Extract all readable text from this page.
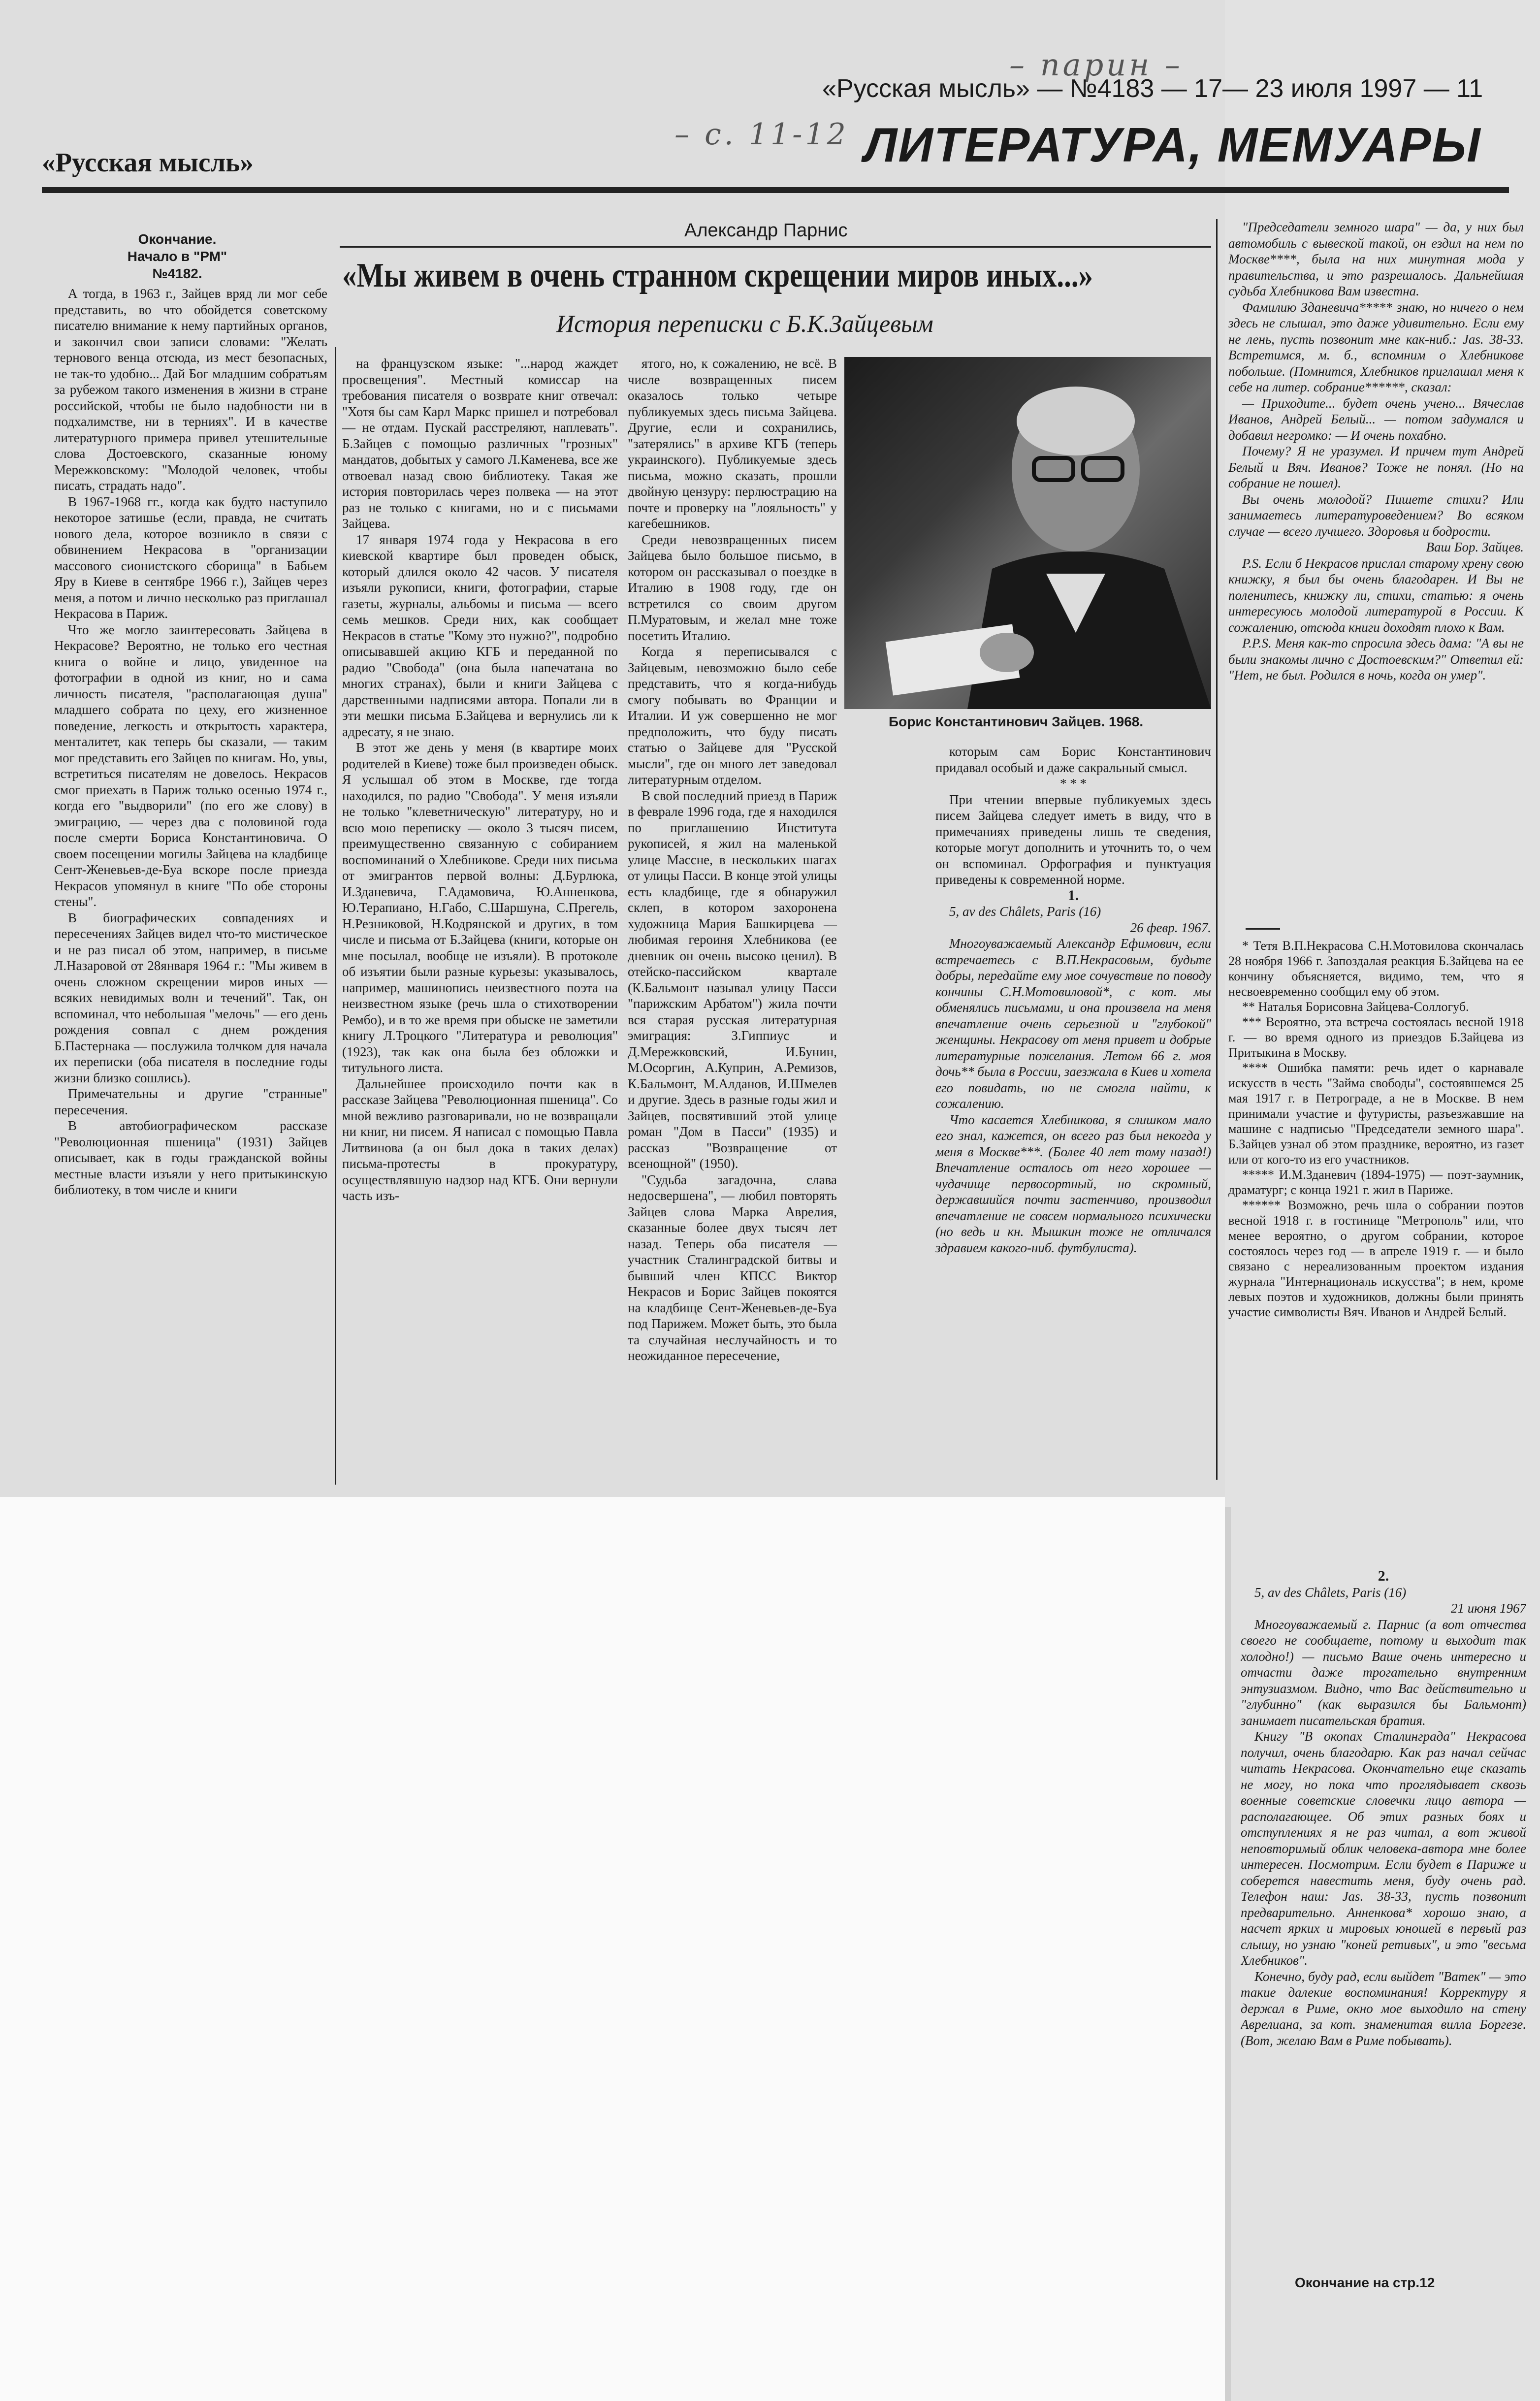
– парин –
– с. 11-12
«Русская мысль» — №4183 — 17— 23 июля 1997 — 11
«Русская мысль»	ЛИТЕРАТУРА, МЕМУАРЫ
Окончание.
Начало в "РМ" №4182.
Александр Парнис
«Мы живем в очень странном скрещении миров иных...»
История переписки с Б.К.Зайцевым
Борис Константинович Зайцев. 1968.

А тогда, в 1963 г., Зайцев вряд ли мог себе представить, во что обойдется советскому писателю внимание к нему партийных органов, и закончил свои записи словами: "Желать тернового венца отсюда, из мест безопасных, не так-то удобно... Дай Бог младшим собратьям за рубежом такого изменения в жизни в стране российской, чтобы не было надобности ни в подхалимстве, ни в терниях". И в качестве литературного примера привел утешительные слова Достоевского, сказанные юному Мережковскому: "Молодой человек, чтобы писать, страдать надо".

В 1967-1968 гг., когда как будто наступило некоторое затишье (если, правда, не считать нового дела, которое возникло в связи с обвинением Некрасова в "организации массового сионистского сборища" в Бабьем Яру в Киеве в сентябре 1966 г.), Зайцев через меня, а потом и лично несколько раз приглашал Некрасова в Париж.

Что же могло заинтересовать Зайцева в Некрасове? Вероятно, не только его честная книга о войне и лицо, увиденное на фотографии в одной из книг, но и сама личность писателя, "располагающая душа" младшего собрата по цеху, его жизненное поведение, легкость и открытость характера, менталитет, как теперь бы сказали, — таким мог представить его Зайцев по книгам. Но, увы, встретиться писателям не довелось. Некрасов смог приехать в Париж только осенью 1974 г., когда его "выдворили" (по его же слову) в эмиграцию, — через два с половиной года после смерти Бориса Константиновича. О своем посещении могилы Зайцева на кладбище Сент-Женевьев-де-Буа вскоре после приезда Некрасов упомянул в книге "По обе стороны стены".

В биографических совпадениях и пересечениях Зайцев видел что-то мистическое и не раз писал об этом, например, в письме Л.Назаровой от 28января 1964 г.: "Мы живем в очень сложном скрещении миров иных — всяких невидимых волн и течений". Так, он вспоминал, что небольшая "мелочь" — его день рождения совпал с днем рождения Б.Пастернака — послужила толчком для начала их переписки (оба писателя в последние годы жизни близко сошлись).

Примечательны и другие "странные" пересечения.

В автобиографическом рассказе "Революционная пшеница" (1931) Зайцев описывает, как в годы гражданской войны местные власти изъяли у него притыкинскую библиотеку, в том числе и книги

на французском языке: "...народ жаждет просвещения". Местный комиссар на требования писателя о возврате книг отвечал: "Хотя бы сам Карл Маркс пришел и потребовал — не отдам. Пускай расстреляют, наплевать". Б.Зайцев с помощью различных "грозных" мандатов, добытых у самого Л.Каменева, все же отвоевал назад свою библиотеку. Такая же история повторилась через полвека — на этот раз не только с книгами, но и с письмами Зайцева.

17 января 1974 года у Некрасова в его киевской квартире был проведен обыск, который длился около 42 часов. У писателя изъяли рукописи, книги, фотографии, старые газеты, журналы, альбомы и письма — всего семь мешков. Среди них, как сообщает Некрасов в статье "Кому это нужно?", подробно описывавшей акцию КГБ и переданной по радио "Свобода" (она была напечатана во многих странах), были и книги Зайцева с дарственными надписями автора. Попали ли в эти мешки письма Б.Зайцева и вернулись ли к адресату, я не знаю.

В этот же день у меня (в квартире моих родителей в Киеве) тоже был произведен обыск. Я услышал об этом в Москве, где тогда находился, по радио "Свобода". У меня изъяли не только "клеветническую" литературу, но и всю мою переписку — около 3 тысяч писем, преимущественно связанную с собиранием воспоминаний о Хлебникове. Среди них письма от эмигрантов первой волны: Д.Бурлюка, И.Зданевича, Г.Адамовича, Ю.Анненкова, Ю.Терапиано, Н.Габо, С.Шаршуна, С.Прегель, Н.Резниковой, Н.Кодрянской и других, в том числе и письма от Б.Зайцева (книги, которые он мне посылал, вообще не изъяли). В протоколе об изъятии были разные курьезы: указывалось, например, машинопись неизвестного поэта на неизвестном языке (речь шла о стихотворении Рембо), и в то же время при обыске не заметили книгу Л.Троцкого "Литература и революция" (1923), так как она была без обложки и титульного листа.

Дальнейшее происходило почти как в рассказе Зайцева "Революционная пшеница". Со мной вежливо разговаривали, но не возвращали ни книг, ни писем. Я написал с помощью Павла Литвинова (а он был дока в таких делах) письма-протесты в прокуратуру, осуществлявшую надзор над КГБ. Они вернули часть изъ-

ятого, но, к сожалению, не всё. В числе возвращенных писем оказалось только четыре публикуемых здесь письма Зайцева. Другие, если и сохранились, "затерялись" в архиве КГБ (теперь украинского). Публикуемые здесь письма, можно сказать, прошли двойную цензуру: перлюстрацию на почте и проверку на "лояльность" у кагебешников.

Среди невозвращенных писем Зайцева было большое письмо, в котором он рассказывал о поездке в Италию в 1908 году, где он встретился со своим другом П.Муратовым, и желал мне тоже посетить Италию.

Когда я переписывался с Зайцевым, невозможно было себе представить, что я когда-нибудь смогу побывать во Франции и Италии. И уж совершенно не мог предположить, что буду писать статью о Зайцеве для "Русской мысли", где он много лет заведовал литературным отделом.

В свой последний приезд в Париж в феврале 1996 года, где я находился по приглашению Института рукописей, я жил на маленькой улице Массне, в нескольких шагах от улицы Пасси. В конце этой улицы есть кладбище, где я обнаружил склеп, в котором захоронена художница Мария Башкирцева — любимая героиня Хлебникова (ее дневник он очень высоко ценил). В отейско-пассийском квартале (К.Бальмонт называл улицу Пасси "парижским Арбатом") жила почти вся старая русская литературная эмиграция: З.Гиппиус и Д.Мережковский, И.Бунин, М.Осоргин, А.Куприн, А.Ремизов, К.Бальмонт, М.Алданов, И.Шмелев и другие. Здесь в разные годы жил и Зайцев, посвятивший этой улице роман "Дом в Пасси" (1935) и рассказ "Возвращение от всенощной" (1950).

"Судьба загадочна, слава недосвершена", — любил повторять Зайцев слова Марка Аврелия, сказанные более двух тысяч лет назад. Теперь оба писателя — участник Сталинградской битвы и бывший член КПСС Виктор Некрасов и Борис Зайцев покоятся на кладбище Сент-Женевьев-де-Буа под Парижем. Может быть, это была та случайная неслучайность и то неожиданное пересечение,

которым сам Борис Константинович придавал особый и даже сакральный смысл.

* * *

При чтении впервые публикуемых здесь писем Зайцева следует иметь в виду, что в примечаниях приведены лишь те сведения, которые могут дополнить и уточнить то, о чем он вспоминал. Орфография и пунктуация приведены к современной норме.

1.

5, av des Châlets, Paris (16)

26 февр. 1967.

Многоуважаемый Александр Ефимович, если встречаетесь с В.П.Некрасовым, будьте добры, передайте ему мое сочувствие по поводу кончины С.Н.Мотовиловой*, с кот. мы обменялись письмами, и она произвела на меня впечатление очень серьезной и "глубокой" женщины. Некрасову от меня привет и добрые литературные пожелания. Летом 66 г. моя дочь** была в России, заезжала в Киев и хотела его повидать, но не смогла найти, к сожалению.

Что касается Хлебникова, я слишком мало его знал, кажется, он всего раз был некогда у меня в Москве***. (Более 40 лет тому назад!) Впечатление осталось от него хорошее — чудачище первосортный, но скромный, державшийся почти застенчиво, производил впечатление не совсем нормального психически (но ведь и кн. Мышкин тоже не отличался здравием какого-ниб. футбулиста).

"Председатели земного шара" — да, у них был автомобиль с вывеской такой, он ездил на нем по Москве****, была на них минутная мода у правительства, и это разрешалось. Дальнейшая судьба Хлебникова Вам известна.

Фамилию Зданевича***** знаю, но ничего о нем здесь не слышал, это даже удивительно. Если ему не лень, пусть позвонит мне как-ниб.: Jas. 38-33. Встретимся, м. б., вспомним о Хлебникове побольше. (Помнится, Хлебников приглашал меня к себе на литер. собрание******, сказал:

— Приходите... будет очень учено... Вячеслав Иванов, Андрей Белый... — потом задумался и добавил негромко: — И очень похабно.

Почему? Я не уразумел. И причем тут Андрей Белый и Вяч. Иванов? Тоже не понял. (Но на собрание не пошел).

Вы очень молодой? Пишете стихи? Или занимаетесь литературоведением? Во всяком случае — всего лучшего. Здоровья и бодрости.

Ваш Бор. Зайцев.

P.S. Если б Некрасов прислал старому хрену свою книжку, я был бы очень благодарен. И Вы не поленитесь, книжку ли, стихи, статью: я очень интересуюсь молодой литературой в России. К сожалению, отсюда книги доходят плохо к Вам.

P.P.S. Меня как-то спросила здесь дама: "А вы не были знакомы лично с Достоевским?" Ответил ей: "Нет, не был. Родился в ночь, когда он умер".

* Тетя В.П.Некрасова С.Н.Мотовилова скончалась 28 ноября 1966 г. Запоздалая реакция Б.Зайцева на ее кончину объясняется, видимо, тем, что я несвоевременно сообщил ему об этом.

** Наталья Борисовна Зайцева-Соллогуб.

*** Вероятно, эта встреча состоялась весной 1918 г. — во время одного из приездов Б.Зайцева из Притыкина в Москву.

**** Ошибка памяти: речь идет о карнавале искусств в честь "Займа свободы", состоявшемся 25 мая 1917 г. в Петрограде, а не в Москве. В нем принимали участие и футуристы, разъезжавшие на машине с надписью "Председатели земного шара". Б.Зайцев узнал об этом празднике, вероятно, из газет или от кого-то из его участников.

***** И.М.Зданевич (1894-1975) — поэт-заумник, драматург; с конца 1921 г. жил в Париже.

****** Возможно, речь шла о собрании поэтов весной 1918 г. в гостинице "Метрополь" или, что менее вероятно, о другом собрании, которое состоялось через год — в апреле 1919 г. — и было связано с нереализованным проектом издания журнала "Интернациональ искусства"; в нем, кроме левых поэтов и художников, должны были принять участие символисты Вяч. Иванов и Андрей Белый.

2.

5, av des Châlets, Paris (16)

21 июня 1967

Многоуважаемый г. Парнис (а вот отчества своего не сообщаете, потому и выходит так холодно!) — письмо Ваше очень интересно и отчасти даже трогательно внутренним энтузиазмом. Видно, что Вас действительно и "глубинно" (как выразился бы Бальмонт) занимает писательская братия.

Книгу "В окопах Сталинграда" Некрасова получил, очень благодарю. Как раз начал сейчас читать Некрасова. Окончательно еще сказать не могу, но пока что проглядывает сквозь военные советские словечки лицо автора — располагающее. Об этих разных боях и отступлениях я не раз читал, а вот живой неповторимый облик человека-автора мне более интересен. Посмотрим. Если будет в Париже и соберется навестить меня, буду очень рад. Телефон наш: Jas. 38-33, пусть позвонит предварительно. Анненкова* хорошо знаю, а насчет ярких и мировых юношей в первый раз слышу, но узнаю "коней ретивых", и это "весьма Хлебников".

Конечно, буду рад, если выйдет "Ватек" — это такие далекие воспоминания! Корректуру я держал в Риме, окно мое выходило на стену Аврелиана, за кот. знаменитая вилла Боргезе. (Вот, желаю Вам в Риме побывать).

Окончание на стр.12
